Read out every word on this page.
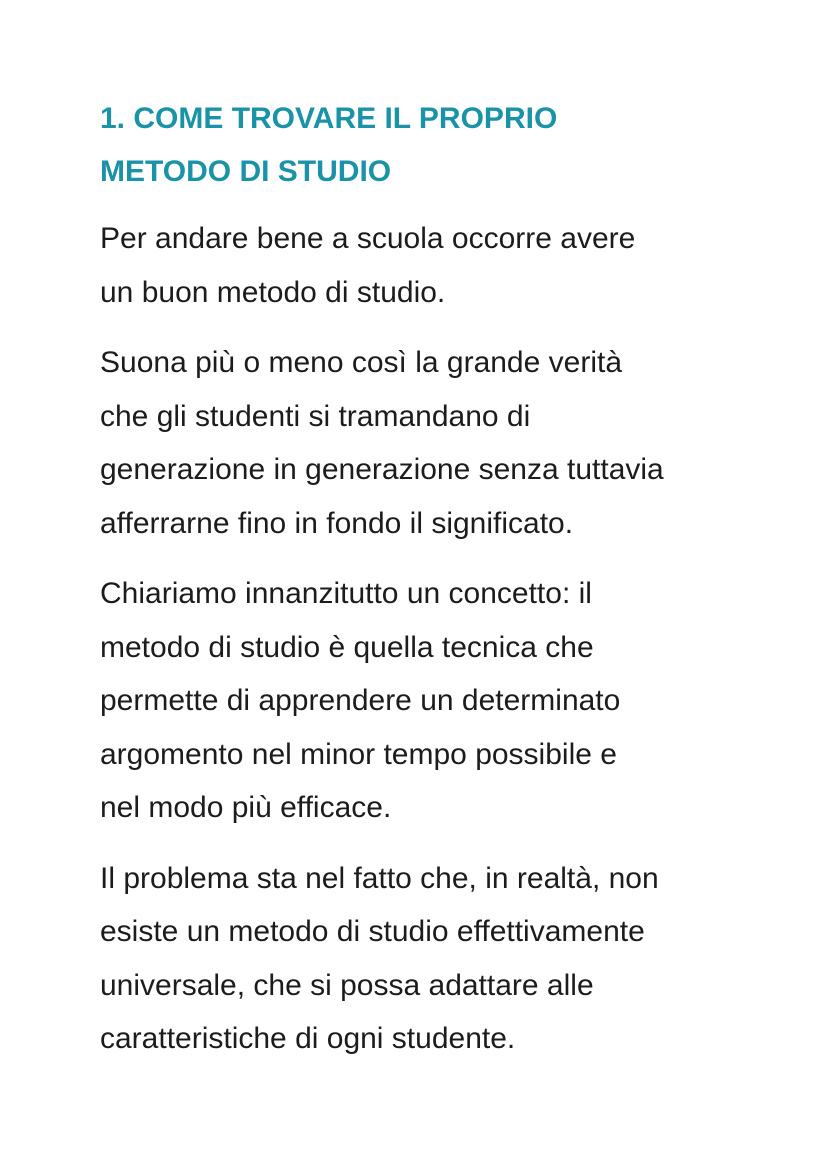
1. COME TROVARE IL PROPRIO
METODO DI STUDIO

Per andare bene a scuola occorre avere
un buon metodo di studio.

Suona più o meno così la grande verità
che gli studenti si tramandano di
generazione in generazione senza tuttavia
afferrarne fino in fondo il significato.

Chiariamo innanzitutto un concetto: il
metodo di studio è quella tecnica che
permette di apprendere un determinato
argomento nel minor tempo possibile e
nel modo più efficace.

Il problema sta nel fatto che, in realtà, non
esiste un metodo di studio effettivamente
universale, che si possa adattare alle
caratteristiche di ogni studente.
